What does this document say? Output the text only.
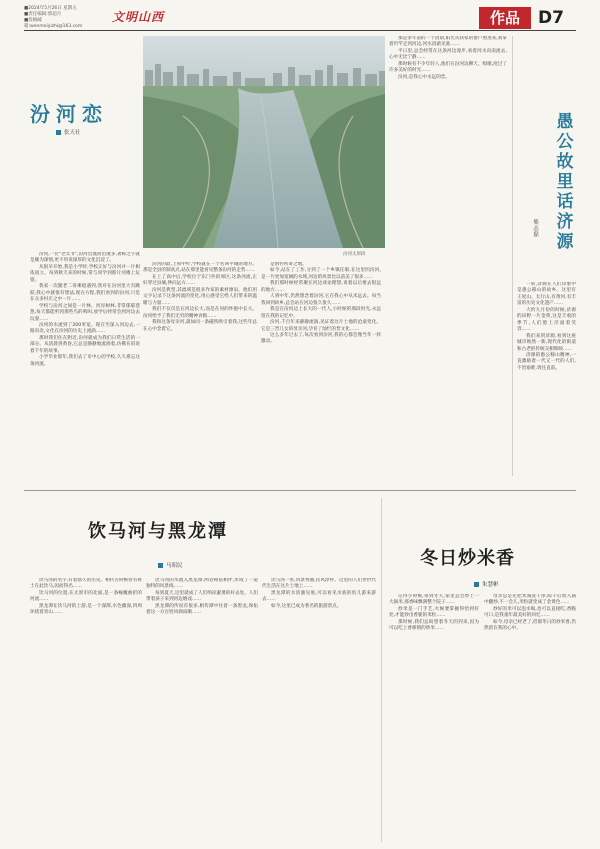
■2024年5月26日 星期五
■责任编辑:郭超月
■投稿邮箱:wenmeiyizhi@163.com
文明山西	作品	D7
汾河恋
张天社
汾河太原段

汾河,一位"老太爷",汾河出流而出流多,著称之宇就是颇为深情,更不用说深厚的文化沉淀了。

从很早开始,我是小学时,学校正好与汾河并一片相依而立。每到秋天来的时候,常与同学到那片河滩上玩耍。

我家一次随老二哥乘船遇到,我对在汾河里大有跳跃,我心中就很有想法,现在方程,我们看到的汾河,只是在众多村庄之中一片……

学校与汾河之间是一片林。河岸树林,非常郁郁葱葱,每天都能听到那些鸟的鸣叫,放学后经常会到河边去玩耍……

汾河的水流到了200米宽。现在至深入河边去,一路向北,文化在汾河的历史上流淌……

那时我们住在附近,汾河就成为我们日常生活的一部分。从清晨到黄昏,它总是静静地流淌着,仿佛在诉说着千年的故事。

小学毕业那年,我们去了市中心的学校,久久难忘这条河流。

汾河的最,上和中叶,学校就在一个名叫平城的地方。那是全县的制高点,站在那里能看见整条汾河的走势……

在上了高中后,学校位于东门外的郊区,这条河流,正好穿过县城,伸向远方……

汾河是典型,其流域是很多作家的素材源泉。他们用文字记录下这条河流的变化,用心感受它给人们带来的温暖与力量……

我们不仅仅是在河边长大,而是在河的怀抱中长大。汾河给予了我们无穷的精神食粮……

我和这条母亲河,就如同一条磁铁吸引着我,这些年总在心中念着它。

是情怀所寄之地。

如今,站在了工作,分到了一个乡镇任职,在这里的汾河,是一片更加宽阔的水域,河边的风景比以前美了很多……

我们那时候经常聚在河边谈论理想,说着以后要去很远的地方……

人到中年,仍然想念着汾河,它在我心中从未远去。每当我回到故乡,总会站在河边很久很久……

我是在汾河边上长大的一代人,小时候的那段时光,永远留在我的记忆中。

汾河,千百年来静静流淌,见证着这片土地的沧桑变化。它是三晋儿女的母亲河,孕育了灿烂的晋文化……

这么多年过去了,每次看到汾河,我的心都会像当年一样激动。

那是多年前的一个清晨,阳光从我家的窗户照进来,我拿着钓竿走到河边,河水清澈见底……

平日里,总会经常在这条河边漫步,看着河水向南流去,心中无比宁静……

那时候有不少年轻人,他们在汾河边聊天、唱歌,度过了许多美好的时光……

汾河,是我心中永远的恋。

愚公故里话济源
柴志磊

一转,济源在人们印象中是愚公移山的故乡。这里有王屋山、太行山,有黄河,有丰富的历史文化遗产……

大约九月份的时候,济源的田野一片金黄,这是丰收的季节,人们脸上洋溢着笑容……

我们来到济源,看到这座城市焕然一新,现代化的街道和古老的传统交相辉映……

济源的愚公移山精神,一直激励着一代又一代的人们,不畏艰难,勇往直前。

饮马河与黑龙潭
马昭民

饮马河的名字,有着悠久的历史。相传古时候曾有将士在此饮马,因而得名……

饮马河的位置,在太原市的北面,是一条蜿蜒曲折的河流……

黑龙潭在饮马河的上游,是一个深潭,水色幽深,四周环绕着青山……

饮马河的水流入黑龙潭,两者相依相伴,形成了一道独特的风景线……

每到夏天,这里就成了人们纳凉避暑的好去处。人们带着孩子来到河边嬉戏……

黑龙潭的传说有很多,相传潭中住着一条黑龙,保佑着这一方百姓风调雨顺……

饮马河一带,风景秀丽,民风淳朴。这里的人们世世代代生活在这片土地上……

黑龙潭的水清澈见底,可以看见水底的鱼儿游来游去……

如今,这里已成为著名的旅游景点。

冬日炒米香
朱慧彬

记得小时候,每到冬天,家里总会炒上一大锅米,那香味飘满整个院子……

炒米是一门手艺,火候要掌握得恰到好处,才能炒出香脆的米粒……

那时候,我们总盼望着冬天的到来,因为可以吃上香喷喷的炒米……

母亲总是先把米淘洗干净,晾干后放入锅中翻炒,不一会儿,米粒就变成了金黄色……

炒好的米可以泡水喝,也可以直接吃,香脆可口,是我童年最美好的回忆……

如今,母亲已经老了,但那冬日的炒米香,仍然留在我的心中。
